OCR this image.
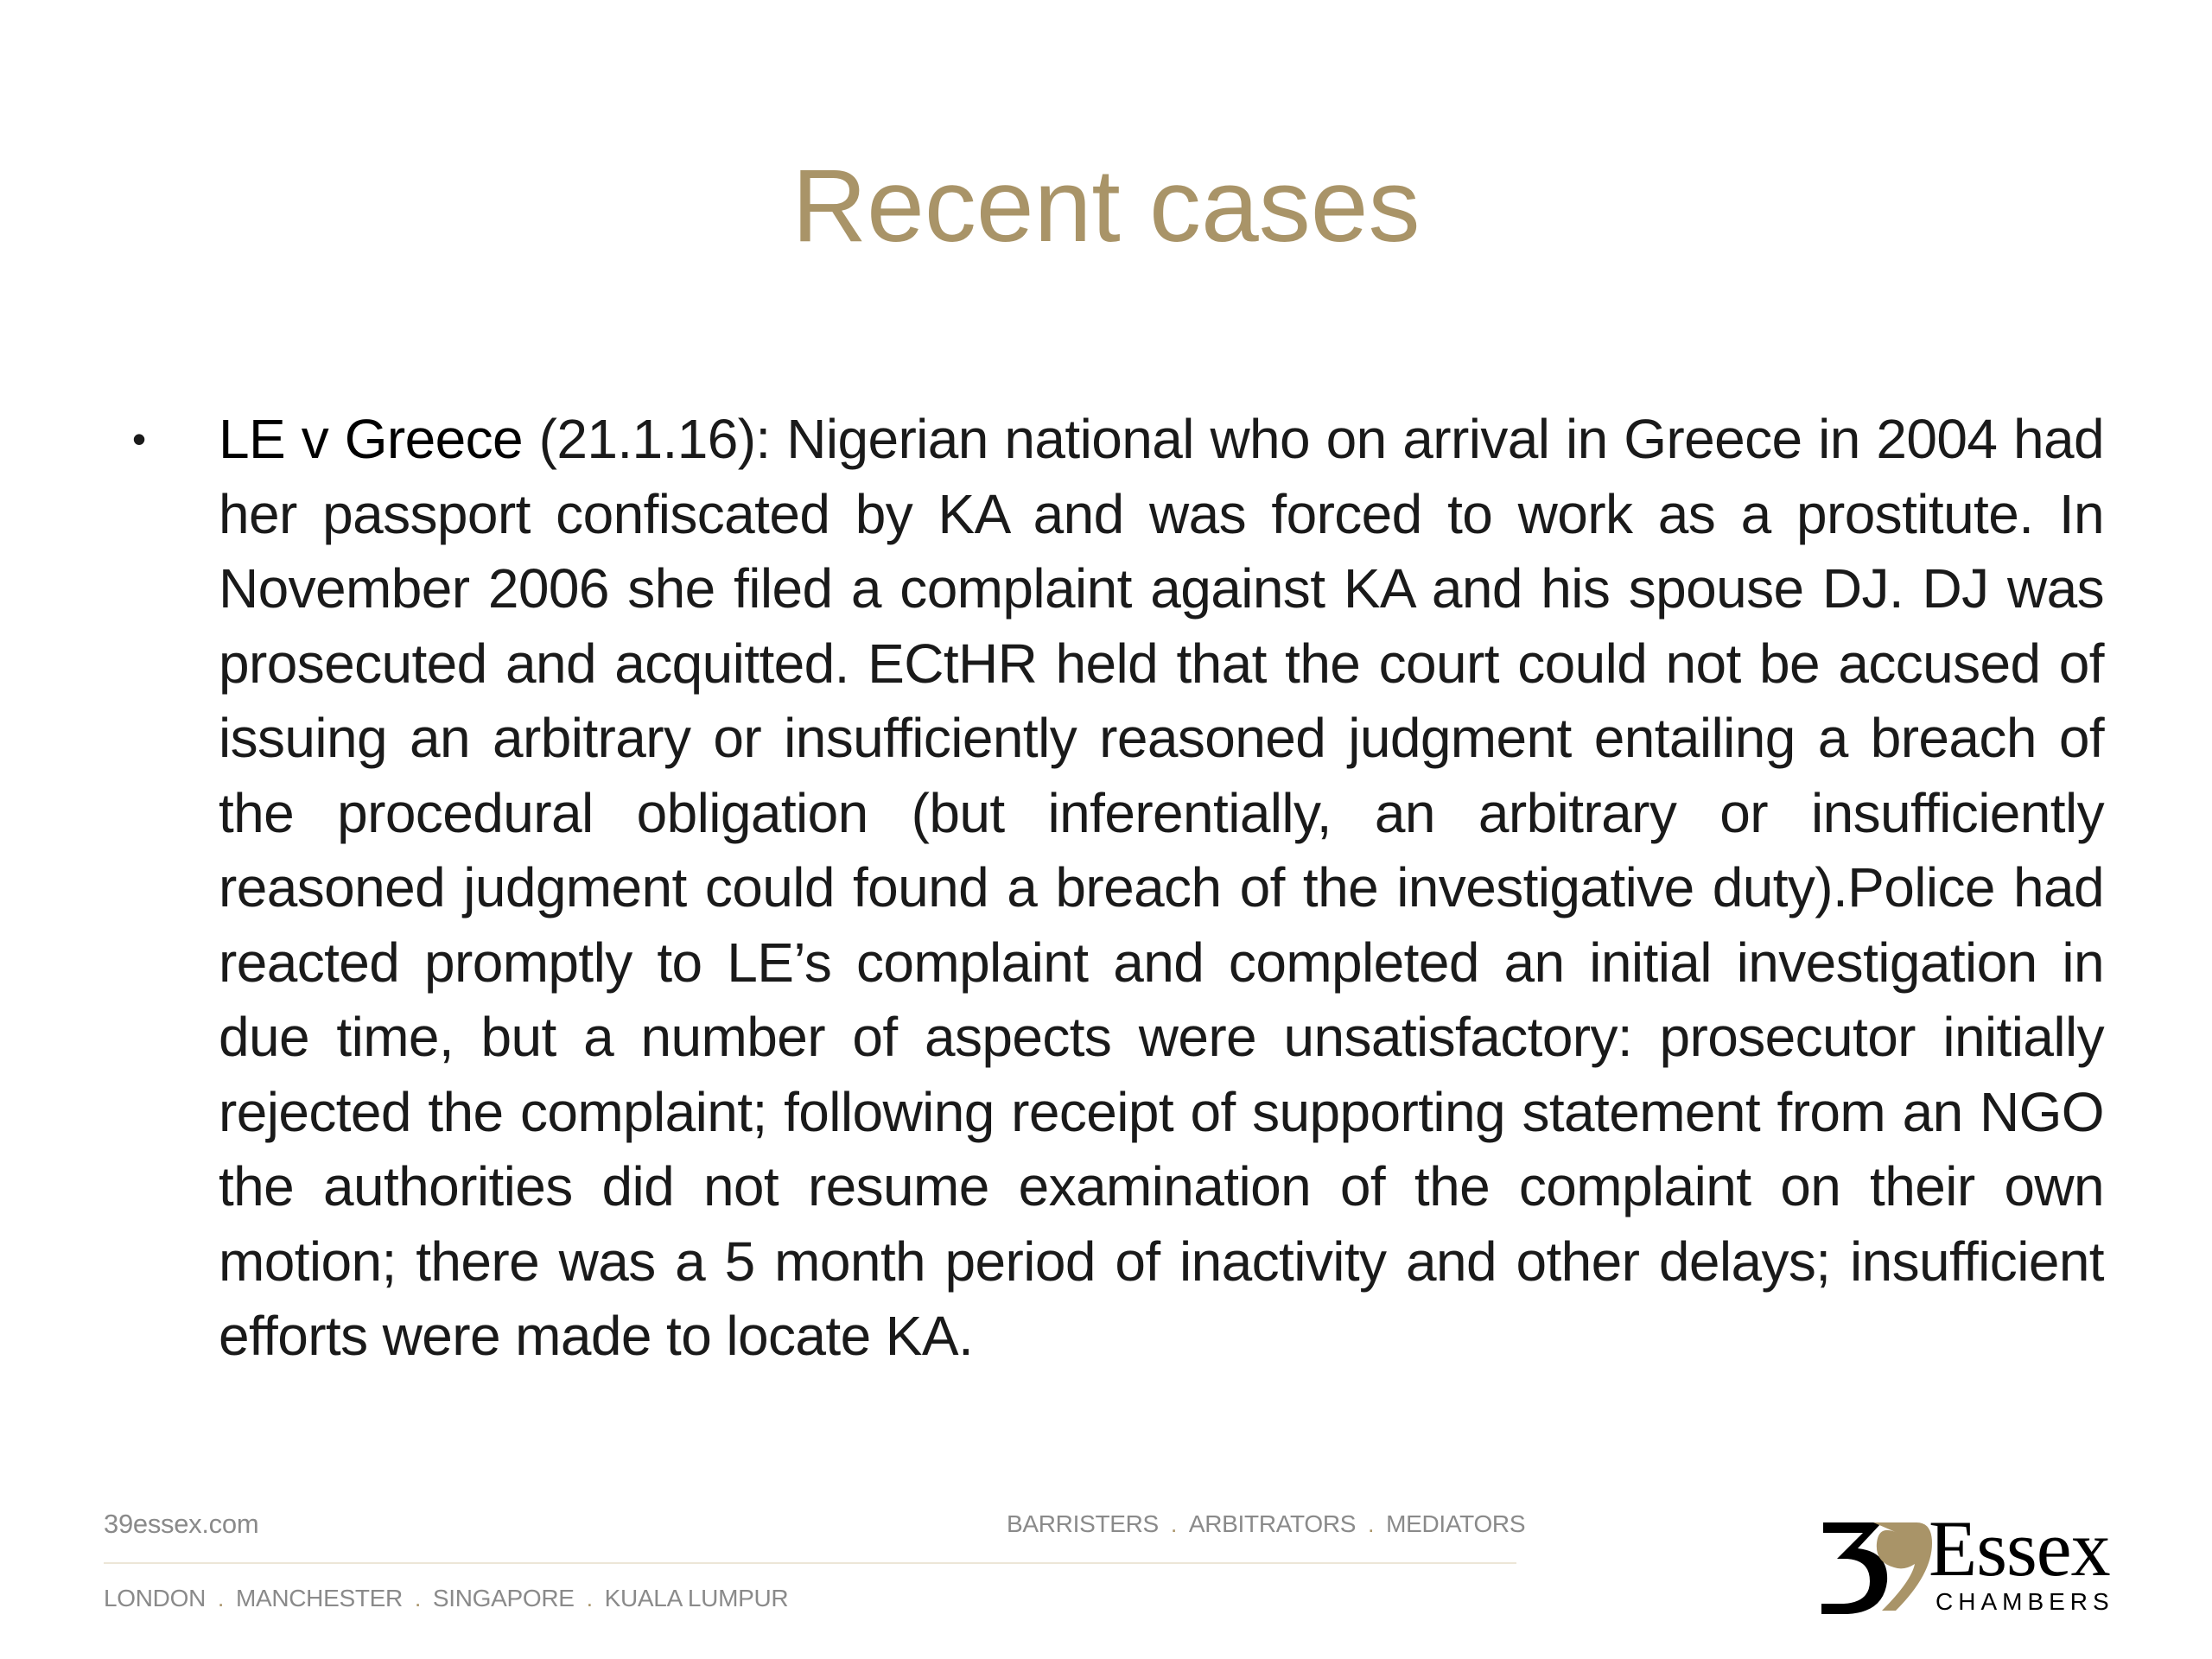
Recent cases
•	LE v Greece (21.1.16): Nigerian national who on arrival in Greece in 2004 had her passport confiscated by KA and was forced to work as a prostitute. In November 2006 she filed a complaint against KA and his spouse DJ. DJ was prosecuted and acquitted. ECtHR held that the court could not be accused of issuing an arbitrary or insufficiently reasoned judgment entailing a breach of the procedural obligation (but inferentially, an arbitrary or insufficiently reasoned judgment could found a breach of the investigative duty).Police had reacted promptly to LE’s complaint and completed an initial investigation in due time, but a number of aspects were unsatisfactory: prosecutor initially rejected the complaint; following receipt of supporting statement from an NGO the authorities did not resume examination of the complaint on their own motion; there was a 5 month period of inactivity and other delays; insufficient efforts were made to locate KA.

39essex.com	BARRISTERS . ARBITRATORS . MEDIATORS
LONDON . MANCHESTER . SINGAPORE . KUALA LUMPUR
Essex
CHAMBERS
